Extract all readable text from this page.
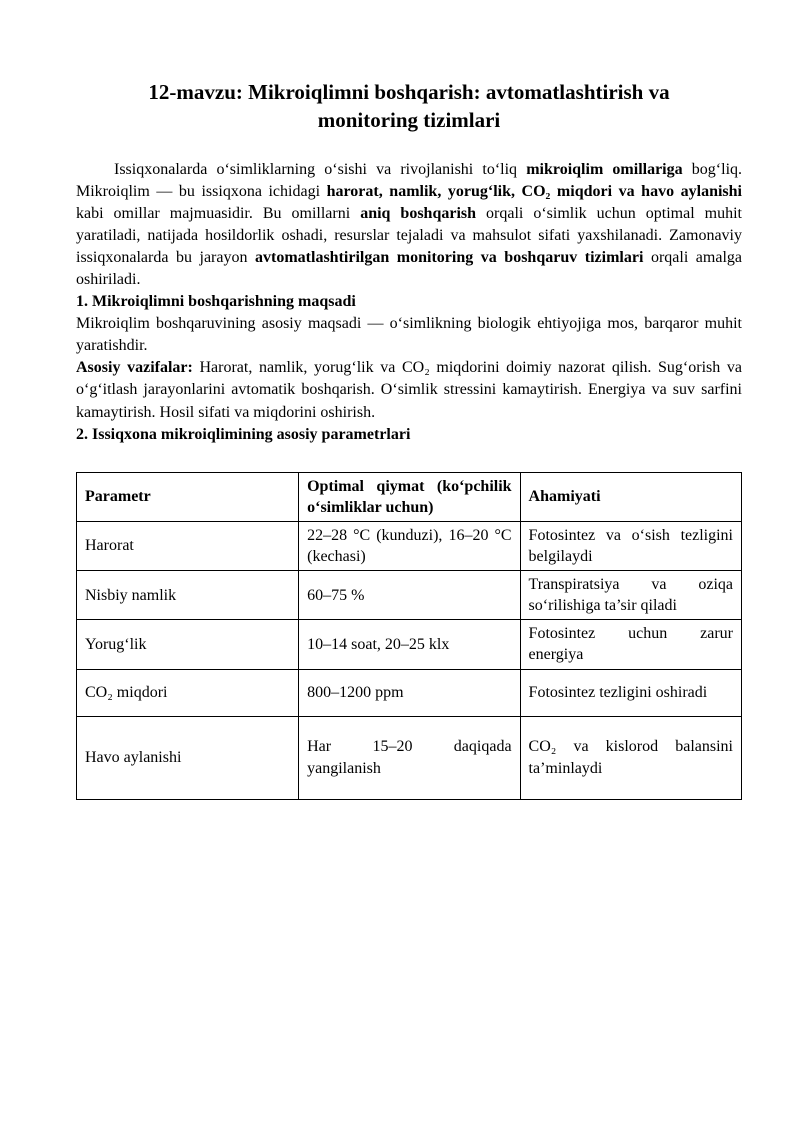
12-mavzu: Mikroiqlimni boshqarish: avtomatlashtirish va monitoring tizimlari

Issiqxonalarda o‘simliklarning o‘sishi va rivojlanishi to‘liq mikroiqlim omillariga bog‘liq. Mikroiqlim — bu issiqxona ichidagi harorat, namlik, yorug‘lik, CO₂ miqdori va havo aylanishi kabi omillar majmuasidir. Bu omillarni aniq boshqarish orqali o‘simlik uchun optimal muhit yaratiladi, natijada hosildorlik oshadi, resurslar tejaladi va mahsulot sifati yaxshilanadi. Zamonaviy issiqxonalarda bu jarayon avtomatlashtirilgan monitoring va boshqaruv tizimlari orqali amalga oshiriladi.

1. Mikroiqlimni boshqarishning maqsadi

Mikroiqlim boshqaruvining asosiy maqsadi — o‘simlikning biologik ehtiyojiga mos, barqaror muhit yaratishdir.

Asosiy vazifalar: Harorat, namlik, yorug‘lik va CO₂ miqdorini doimiy nazorat qilish. Sug‘orish va o‘g‘itlash jarayonlarini avtomatik boshqarish. O‘simlik stressini kamaytirish. Energiya va suv sarfini kamaytirish. Hosil sifati va miqdorini oshirish.

2. Issiqxona mikroiqlimining asosiy parametrlari

Parametr	Optimal qiymat (ko‘pchilik o‘simliklar uchun)	Ahamiyati
Harorat	22–28 °C (kunduzi), 16–20 °C (kechasi)	Fotosintez va o‘sish tezligini belgilaydi
Nisbiy namlik	60–75 %	Transpiratsiya va oziqa so‘rilishiga ta’sir qiladi
Yorug‘lik	10–14 soat, 20–25 klx	Fotosintez uchun zarur energiya
CO₂ miqdori	800–1200 ppm	Fotosintez tezligini oshiradi
Havo aylanishi	Har 15–20 daqiqada yangilanish	CO₂ va kislorod balansini ta’minlaydi
